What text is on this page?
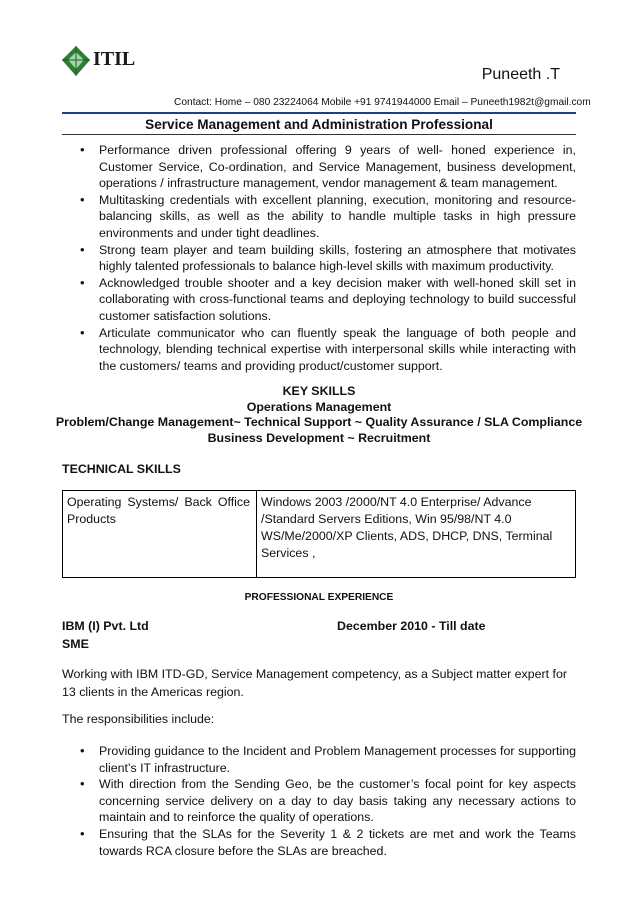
ITIL
Puneeth .T
Contact: Home – 080 23224064 Mobile +91 9741944000 Email – Puneeth1982t@gmail.com
Service Management and Administration Professional
• Performance driven professional offering 9 years of well- honed experience in, Customer Service, Co-ordination, and Service Management, business development, operations / infrastructure management, vendor management & team management.
• Multitasking credentials with excellent planning, execution, monitoring and resource-balancing skills, as well as the ability to handle multiple tasks in high pressure environments and under tight deadlines.
• Strong team player and team building skills, fostering an atmosphere that motivates highly talented professionals to balance high-level skills with maximum productivity.
• Acknowledged trouble shooter and a key decision maker with well-honed skill set in collaborating with cross-functional teams and deploying technology to build successful customer satisfaction solutions.
• Articulate communicator who can fluently speak the language of both people and technology, blending technical expertise with interpersonal skills while interacting with the customers/ teams and providing product/customer support.
KEY SKILLS
Operations Management
Problem/Change Management~ Technical Support ~ Quality Assurance / SLA Compliance
Business Development ~ Recruitment
TECHNICAL SKILLS
Operating Systems/ Back Office Products
Windows 2003 /2000/NT 4.0 Enterprise/ Advance
/Standard Servers Editions, Win 95/98/NT 4.0
WS/Me/2000/XP Clients, ADS, DHCP, DNS, Terminal
Services ,
PROFESSIONAL EXPERIENCE
IBM (I) Pvt. Ltd	December 2010 - Till date
SME
Working with IBM ITD-GD, Service Management competency, as a Subject matter expert for 13 clients in the Americas region.
The responsibilities include:
• Providing guidance to the Incident and Problem Management processes for supporting client’s IT infrastructure.
• With direction from the Sending Geo, be the customer’s focal point for key aspects concerning service delivery on a day to day basis taking any necessary actions to maintain and to reinforce the quality of operations.
• Ensuring that the SLAs for the Severity 1 & 2 tickets are met and work the Teams towards RCA closure before the SLAs are breached.
